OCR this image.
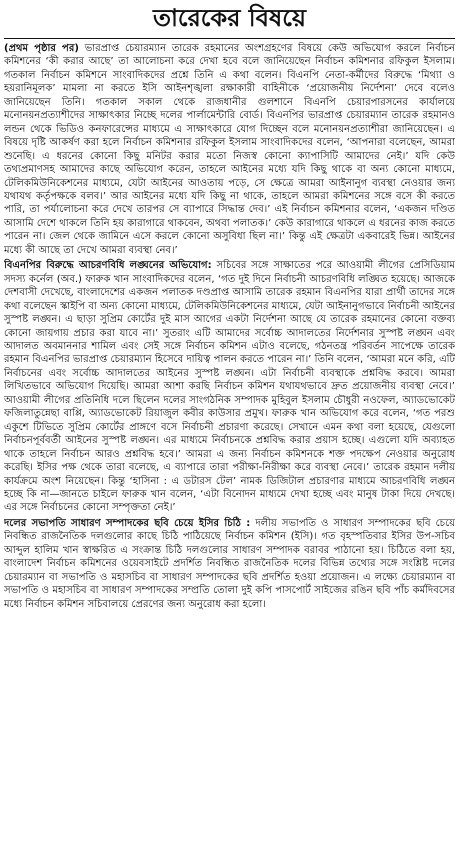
তারেকের বিষয়ে

(প্রথম পৃষ্ঠার পর) ভারপ্রাপ্ত চেয়ারম্যান তারেক রহমানের অংশগ্রহণের বিষয়ে কেউ অভিযোগ করলে নির্বাচন কমিশনের ‘কী করার আছে’ তা আলোচনা করে দেখা হবে বলে জানিয়েছেন নির্বাচন কমিশনার রফিকুল ইসলাম। গতকাল নির্বাচন কমিশনে সাংবাদিকদের প্রশ্নে তিনি এ কথা বলেন। বিএনপি নেতা-কর্মীদের বিরুদ্ধে ‘মিথ্যা ও হয়রানিমূলক’ মামলা না করতে ইসি আইনশৃঙ্খলা রক্ষাকারী বাহিনীকে ‘প্রয়োজনীয় নির্দেশনা’ দেবে বলেও জানিয়েছেন তিনি। গতকাল সকাল থেকে রাজধানীর গুলশানে বিএনপি চেয়ারপারসনের কার্যালয়ে মনোনয়নপ্রত্যাশীদের সাক্ষাৎকার নিচ্ছে দলের পার্লামেন্টারি বোর্ড। বিএনপির ভারপ্রাপ্ত চেয়ারম্যান তারেক রহমানও লন্ডন থেকে ভিডিও কনফারেন্সের মাধ্যমে এ সাক্ষাৎকারে যোগ দিচ্ছেন বলে মনোনয়নপ্রত্যাশীরা জানিয়েছেন। এ বিষয়ে দৃষ্টি আকর্ষণ করা হলে নির্বাচন কমিশনার রফিকুল ইসলাম সাংবাদিকদের বলেন, ‘আপনারা বলেছেন, আমরা শুনেছি। এ ধরনের কোনো কিছু মনিটর করার মতো নিজস্ব কোনো ক্যাপাসিটি আমাদের নেই।’ যদি কেউ তথ্যপ্রমাণসহ আমাদের কাছে অভিযোগ করেন, তাহলে আইনের মধ্যে যদি কিছু থাকে বা অন্য কোনো মাধ্যমে, টেলিকমিউনিকেশনের মাধ্যমে, যেটা আইনের আওতায় পড়ে, সে ক্ষেত্রে আমরা আইনানুগ ব্যবস্থা নেওয়ার জন্য যথাযথ কর্তৃপক্ষকে বলব।’ আর আইনের মধ্যে যদি কিছু না থাকে, তাহলে আমরা কমিশনের সঙ্গে বসে কী করতে পারি, তা পর্যালোচনা করে দেখে তারপর সে ব্যাপারে সিদ্ধান্ত দেব।’ এই নির্বাচন কমিশনার বলেন, ‘একজন দণ্ডিত আসামি দেশে থাকলে তিনি হয় কারাগারে থাকবেন, অথবা পলাতক।’ কেউ কারাগারে থাকলে এ ধরনের কাজ করতে পারেন না। জেল থেকে জামিনে এসে করলে কোনো অসুবিধা ছিল না।’ কিন্তু এই ক্ষেত্রটা একবারেই ভিন্ন। আইনের মধ্যে কী আছে তা দেখে আমরা ব্যবস্থা নেব।’

বিএনপির বিরুদ্ধে আচরণবিধি লঙ্ঘনের অভিযোগ: সচিবের সঙ্গে সাক্ষাতের পরে আওয়ামী লীগের প্রেসিডিয়াম সদস্য কর্নেল (অব.) ফারুক খান সাংবাদিকদের বলেন, ‘গত দুই দিনে নির্বাচনী আচরণবিধি লঙ্ঘিত হয়েছে। আজকে দেশবাসী দেখেছে, বাংলাদেশের একজন পলাতক দণ্ডপ্রাপ্ত আসামি তারেক রহমান বিএনপির যারা প্রার্থী তাদের সঙ্গে কথা বলেছেন স্কাইপি বা অন্য কোনো মাধ্যমে, টেলিকমিউনিকেশনের মাধ্যমে, যেটা আইনানুগভাবে নির্বাচনী আইনের সুস্পষ্ট লঙ্ঘন। এ ছাড়া সুপ্রিম কোর্টের দুই মাস আগের একটা নির্দেশনা আছে যে তারেক রহমানের কোনো বক্তব্য কোনো জায়গায় প্রচার করা যাবে না।’ সুতরাং এটি আমাদের সর্বোচ্চ আদালতের নির্দেশনার সুস্পষ্ট লঙ্ঘন এবং আদালত অবমাননার শামিল এবং সেই সঙ্গে নির্বাচন কমিশন এটাও বলেছে, গঠনতন্ত্র পরিবর্তন সাপেক্ষে তারেক রহমান বিএনপির ভারপ্রাপ্ত চেয়ারম্যান হিসেবে দায়িত্ব পালন করতে পারেন না।’ তিনি বলেন, ‘আমরা মনে করি, এটি নির্বাচনের এবং সর্বোচ্চ আদালতের আইনের সুস্পষ্ট লঙ্ঘন। এটা নির্বাচনী ব্যবস্থাকে প্রশ্নবিদ্ধ করবে। আমরা লিখিতভাবে অভিযোগ দিয়েছি। আমরা আশা করছি নির্বাচন কমিশন যথাযথভাবে দ্রুত প্রয়োজনীয় ব্যবস্থা নেবে।’ আওয়ামী লীগের প্রতিনিধি দলে ছিলেন দলের সাংগঠনিক সম্পাদক মুহিবুল ইসলাম চৌধুরী নওফেল, অ্যাডভোকেট ফজিলাতুন্নেছা বাপ্পি, অ্যাডভোকেট রিয়াজুল কবীর কাউসার প্রমুখ। ফারুক খান অভিযোগ করে বলেন, ‘গত পরশু একুশে টিভিতে সুপ্রিম কোর্টের প্রাঙ্গণে বসে নির্বাচনী প্রচারণা করেছে। সেখানে এমন কথা বলা হয়েছে, যেগুলো নির্বাচনপূর্ববর্তী আইনের সুস্পষ্ট লঙ্ঘন। এর মাধ্যমে নির্বাচনকে প্রশ্নবিদ্ধ করার প্রয়াস হচ্ছে। এগুলো যদি অব্যাহত থাকে তাহলে নির্বাচন আরও প্রশ্নবিদ্ধ হবে।’ আমরা এ জন্য নির্বাচন কমিশনকে শক্ত পদক্ষেপ নেওয়ার অনুরোধ করেছি। ইসির পক্ষ থেকে তারা বলেছে, এ ব্যাপারে তারা পরীক্ষা-নিরীক্ষা করে ব্যবস্থা নেবে।’ তারেক রহমান দলীয় কার্যক্রমে অংশ নিয়েছেন। কিন্তু ‘হাসিনা : এ ডটারস টেল’ নামক ডিজিটাল প্রচারণার মাধ্যমে আচরণবিধি লঙ্ঘন হচ্ছে কি না—জানতে চাইলে ফারুক খান বলেন, ‘এটা বিনোদন মাধ্যমে দেখা হচ্ছে এবং মানুষ টাকা দিয়ে দেখছে। এর সঙ্গে নির্বাচনের কোনো সম্পৃক্ততা নেই।’

দলের সভাপতি সাধারণ সম্পাদকের ছবি চেয়ে ইসির চিঠি : দলীয় সভাপতি ও সাধারণ সম্পাদকের ছবি চেয়ে নিবন্ধিত রাজনৈতিক দলগুলোর কাছে চিঠি পাঠিয়েছে নির্বাচন কমিশন (ইসি)। গত বৃহস্পতিবার ইসির উপ-সচিব আব্দুল হালিম খান স্বাক্ষরিত এ সংক্রান্ত চিঠি দলগুলোর সাধারণ সম্পাদক বরাবর পাঠানো হয়। চিঠিতে বলা হয়, বাংলাদেশ নির্বাচন কমিশনের ওয়েবসাইটে প্রদর্শিত নিবন্ধিত রাজনৈতিক দলের বিভিন্ন তথ্যের সঙ্গে সংশ্লিষ্ট দলের চেয়ারম্যান বা সভাপতি ও মহাসচিব বা সাধারণ সম্পাদকের ছবি প্রদর্শিত হওয়া প্রয়োজন। এ লক্ষ্যে চেয়ারম্যান বা সভাপতি ও মহাসচিব বা সাধারণ সম্পাদকের সম্প্রতি তোলা দুই কপি পাসপোর্ট সাইজের রঙিন ছবি পাঁচ কর্মদিবসের মধ্যে নির্বাচন কমিশন সচিবালয়ে প্রেরণের জন্য অনুরোধ করা হলো।
